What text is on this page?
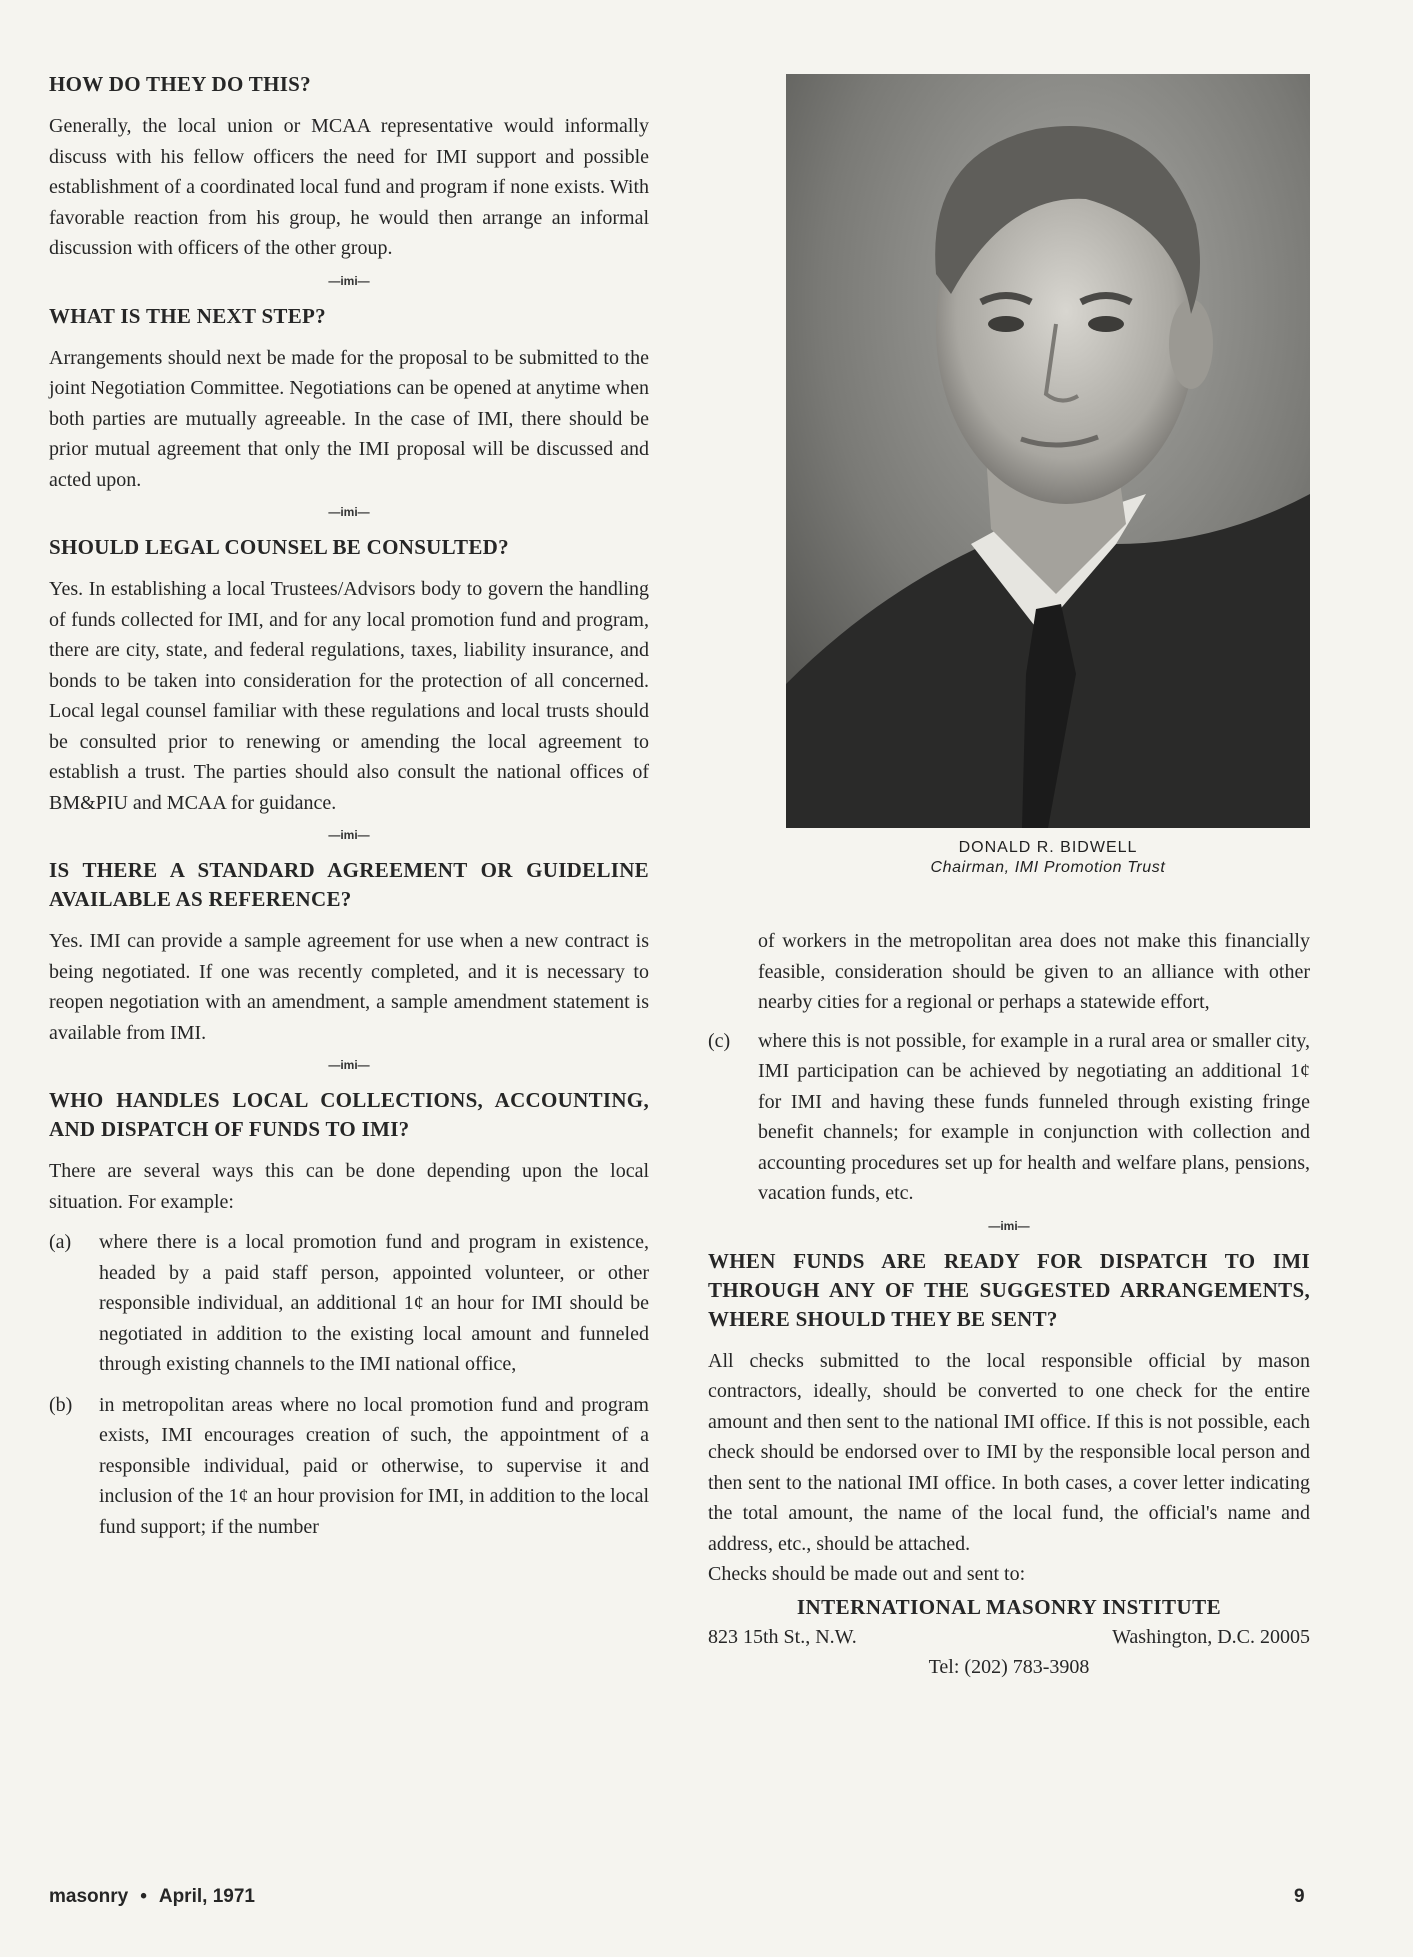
HOW DO THEY DO THIS?

Generally, the local union or MCAA representative would informally discuss with his fellow officers the need for IMI support and possible establishment of a coordinated local fund and program if none exists. With favorable reaction from his group, he would then arrange an informal discussion with officers of the other group.

—imi—
WHAT IS THE NEXT STEP?

Arrangements should next be made for the proposal to be submitted to the joint Negotiation Committee. Negotiations can be opened at anytime when both parties are mutually agreeable. In the case of IMI, there should be prior mutual agreement that only the IMI proposal will be discussed and acted upon.

—imi—
SHOULD LEGAL COUNSEL BE CONSULTED?

Yes. In establishing a local Trustees/Advisors body to govern the handling of funds collected for IMI, and for any local promotion fund and program, there are city, state, and federal regulations, taxes, liability insurance, and bonds to be taken into consideration for the protection of all concerned. Local legal counsel familiar with these regulations and local trusts should be consulted prior to renewing or amending the local agreement to establish a trust. The parties should also consult the national offices of BM&PIU and MCAA for guidance.

—imi—
IS THERE A STANDARD AGREEMENT OR GUIDELINE AVAILABLE AS REFERENCE?

Yes. IMI can provide a sample agreement for use when a new contract is being negotiated. If one was recently completed, and it is necessary to reopen negotiation with an amendment, a sample amendment statement is available from IMI.

—imi—
WHO HANDLES LOCAL COLLECTIONS, ACCOUNTING, AND DISPATCH OF FUNDS TO IMI?

There are several ways this can be done depending upon the local situation. For example:

(a) where there is a local promotion fund and program in existence, headed by a paid staff person, appointed volunteer, or other responsible individual, an additional 1¢ an hour for IMI should be negotiated in addition to the existing local amount and funneled through existing channels to the IMI national office,
(b) in metropolitan areas where no local promotion fund and program exists, IMI encourages creation of such, the appointment of a responsible individual, paid or otherwise, to supervise it and inclusion of the 1¢ an hour provision for IMI, in addition to the local fund support; if the number
DONALD R. BIDWELL
Chairman, IMI Promotion Trust

of workers in the metropolitan area does not make this financially feasible, consideration should be given to an alliance with other nearby cities for a regional or perhaps a statewide effort,

(c) where this is not possible, for example in a rural area or smaller city, IMI participation can be achieved by negotiating an additional 1¢ for IMI and having these funds funneled through existing fringe benefit channels; for example in conjunction with collection and accounting procedures set up for health and welfare plans, pensions, vacation funds, etc.
—imi—
WHEN FUNDS ARE READY FOR DISPATCH TO IMI THROUGH ANY OF THE SUGGESTED ARRANGEMENTS, WHERE SHOULD THEY BE SENT?

All checks submitted to the local responsible official by mason contractors, ideally, should be converted to one check for the entire amount and then sent to the national IMI office. If this is not possible, each check should be endorsed over to IMI by the responsible local person and then sent to the national IMI office. In both cases, a cover letter indicating the total amount, the name of the local fund, the official's name and address, etc., should be attached.

Checks should be made out and sent to:

INTERNATIONAL MASONRY INSTITUTE
823 15th St., N.W.	Washington, D.C. 20005
Tel: (202) 783-3908
masonry • April, 1971	9
